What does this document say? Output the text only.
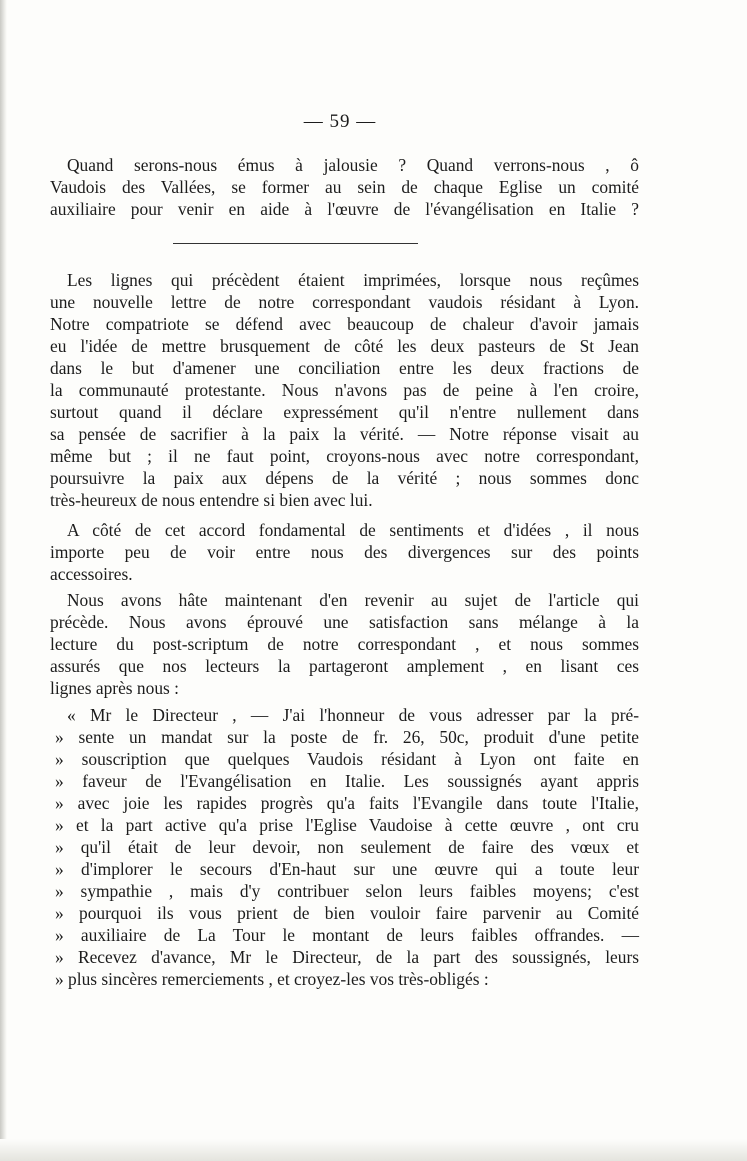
— 59 —
Quand serons-nous émus à jalousie ? Quand verrons-nous , ô
Vaudois des Vallées, se former au sein de chaque Eglise un comité
auxiliaire pour venir en aide à l'œuvre de l'évangélisation en Italie ?
Les lignes qui précèdent étaient imprimées, lorsque nous reçûmes
une nouvelle lettre de notre correspondant vaudois résidant à Lyon.
Notre compatriote se défend avec beaucoup de chaleur d'avoir jamais
eu l'idée de mettre brusquement de côté les deux pasteurs de St Jean
dans le but d'amener une conciliation entre les deux fractions de
la communauté protestante. Nous n'avons pas de peine à l'en croire,
surtout quand il déclare expressément qu'il n'entre nullement dans
sa pensée de sacrifier à la paix la vérité. — Notre réponse visait au
même but ; il ne faut point, croyons-nous avec notre correspondant,
poursuivre la paix aux dépens de la vérité ; nous sommes donc
très-heureux de nous entendre si bien avec lui.
A côté de cet accord fondamental de sentiments et d'idées , il nous
importe peu de voir entre nous des divergences sur des points
accessoires.
Nous avons hâte maintenant d'en revenir au sujet de l'article qui
précède. Nous avons éprouvé une satisfaction sans mélange à la
lecture du post-scriptum de notre correspondant , et nous sommes
assurés que nos lecteurs la partageront amplement , en lisant ces
lignes après nous :
« Mr le Directeur , — J'ai l'honneur de vous adresser par la pré-
» sente un mandat sur la poste de fr. 26, 50c, produit d'une petite
» souscription que quelques Vaudois résidant à Lyon ont faite en
» faveur de l'Evangélisation en Italie. Les soussignés ayant appris
» avec joie les rapides progrès qu'a faits l'Evangile dans toute l'Italie,
» et la part active qu'a prise l'Eglise Vaudoise à cette œuvre , ont cru
» qu'il était de leur devoir, non seulement de faire des vœux et
» d'implorer le secours d'En-haut sur une œuvre qui a toute leur
» sympathie , mais d'y contribuer selon leurs faibles moyens; c'est
» pourquoi ils vous prient de bien vouloir faire parvenir au Comité
» auxiliaire de La Tour le montant de leurs faibles offrandes. —
» Recevez d'avance, Mr le Directeur, de la part des soussignés, leurs
» plus sincères remerciements , et croyez-les vos très-obligés :
